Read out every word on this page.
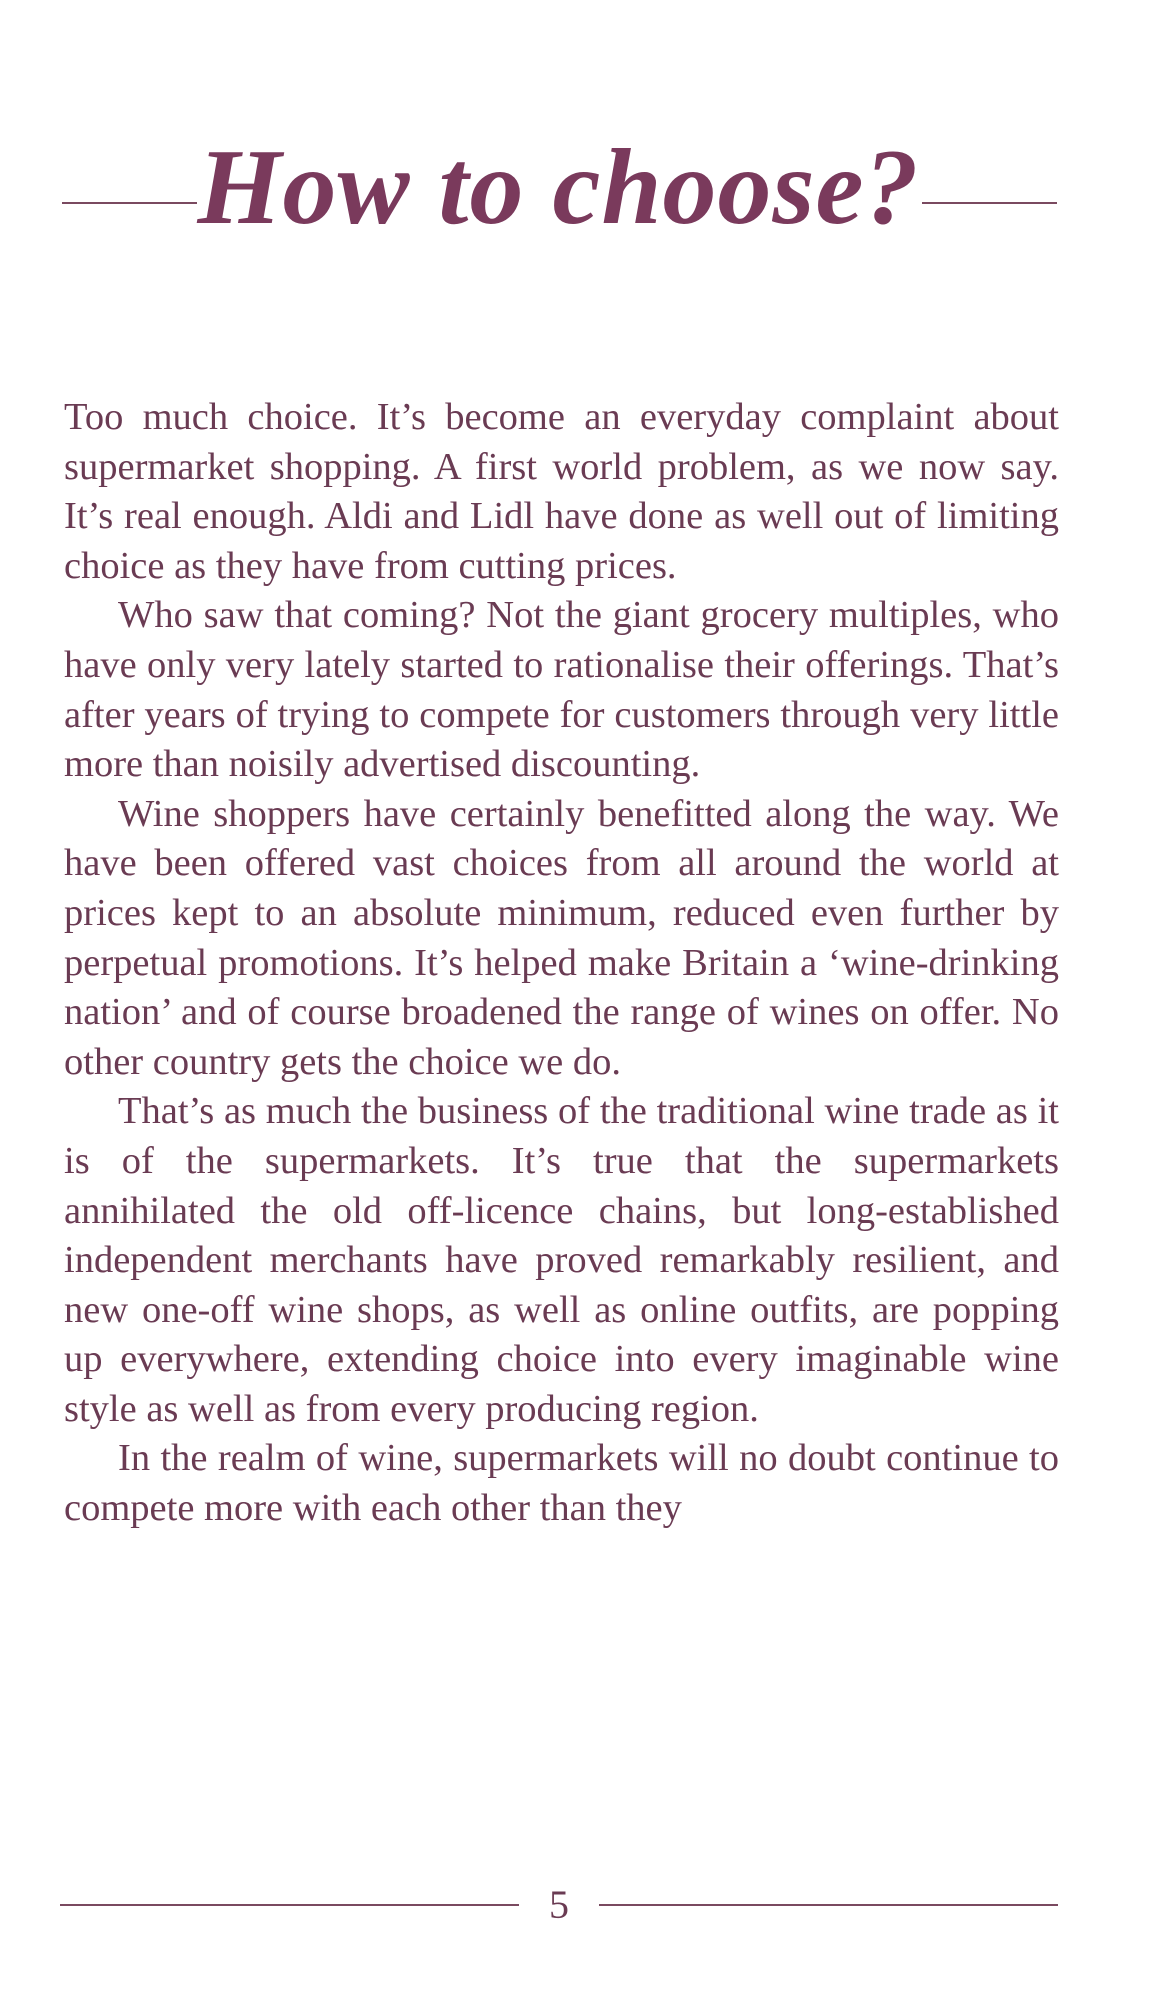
How to choose?

Too much choice. It’s become an everyday complaint about supermarket shopping. A first world problem, as we now say. It’s real enough. Aldi and Lidl have done as well out of limiting choice as they have from cutting prices.

Who saw that coming? Not the giant grocery multiples, who have only very lately started to rationalise their offerings. That’s after years of trying to compete for customers through very little more than noisily advertised discounting.

Wine shoppers have certainly benefitted along the way. We have been offered vast choices from all around the world at prices kept to an absolute minimum, reduced even further by perpetual promotions. It’s helped make Britain a ‘wine-drinking nation’ and of course broadened the range of wines on offer. No other country gets the choice we do.

That’s as much the business of the traditional wine trade as it is of the supermarkets. It’s true that the supermarkets annihilated the old off-licence chains, but long-established independent merchants have proved remarkably resilient, and new one-off wine shops, as well as online outfits, are popping up everywhere, extending choice into every imaginable wine style as well as from every producing region.

In the realm of wine, supermarkets will no doubt continue to compete more with each other than they

5
